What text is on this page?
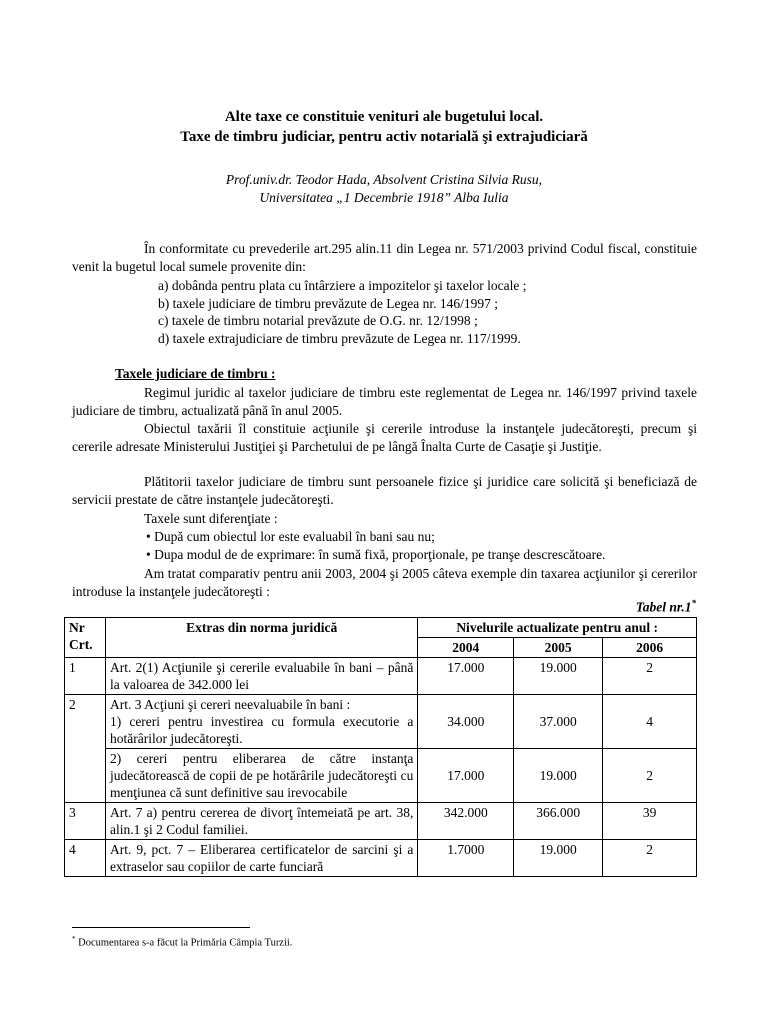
Alte taxe ce constituie venituri ale bugetului local.
Taxe de timbru judiciar, pentru activ notarială şi extrajudiciară
Prof.univ.dr. Teodor Hada, Absolvent Cristina Silvia Rusu,
Universitatea „1 Decembrie 1918” Alba Iulia
În conformitate cu prevederile art.295 alin.11 din Legea nr. 571/2003 privind Codul fiscal, constituie venit la bugetul local sumele provenite din:
a) dobânda pentru plata cu întârziere a impozitelor şi taxelor locale ;
b) taxele judiciare de timbru prevăzute de Legea nr. 146/1997 ;
c) taxele de timbru notarial prevăzute de O.G. nr. 12/1998 ;
d) taxele extrajudiciare de timbru prevăzute de Legea nr. 117/1999.
Taxele judiciare de timbru :
Regimul juridic al taxelor judiciare de timbru este reglementat de Legea nr. 146/1997 privind taxele judiciare de timbru, actualizată până în anul 2005.
Obiectul taxării îl constituie acţiunile şi cererile introduse la instanţele judecătoreşti, precum şi cererile adresate Ministerului Justiţiei şi Parchetului de pe lângă Înalta Curte de Casaţie şi Justiţie.
Plătitorii taxelor judiciare de timbru sunt persoanele fizice şi juridice care solicită şi beneficiază de servicii prestate de către instanţele judecătoreşti.
Taxele sunt diferenţiate :
• După cum obiectul lor este evaluabil în bani sau nu;
• Dupa modul de de exprimare: în sumă fixă, proporţionale, pe tranşe descrescătoare.
Am tratat comparativ pentru anii 2003, 2004 şi 2005 câteva exemple din taxarea acţiunilor şi cererilor introduse la instanţele judecătoreşti :
Tabel nr.1*
Nr
Crt.	Extras din norma juridică	Nivelurile actualizate pentru anul :		
		2004	2005	2006
1	Art. 2(1) Acţiunile şi cererile evaluabile în bani – până la valoarea de 342.000 lei	17.000	19.000	2
2	Art. 3 Acţiuni şi cereri neevaluabile în bani :
1) cereri pentru investirea cu formula executorie a hotărârilor judecătoreşti.	34.000	37.000	4
	2) cereri pentru eliberarea de către instanţa judecătorească de copii de pe hotărârile judecătoreşti cu menţiunea că sunt definitive sau irevocabile	17.000	19.000	2
3	Art. 7 a) pentru cererea de divorţ întemeiată pe art. 38, alin.1 şi 2 Codul familiei.	342.000	366.000	39
4	Art. 9, pct. 7 – Eliberarea certificatelor de sarcini şi a extraselor sau copiilor de carte funciară	1.7000	19.000	2
* Documentarea s-a făcut la Primăria Câmpia Turzii.
